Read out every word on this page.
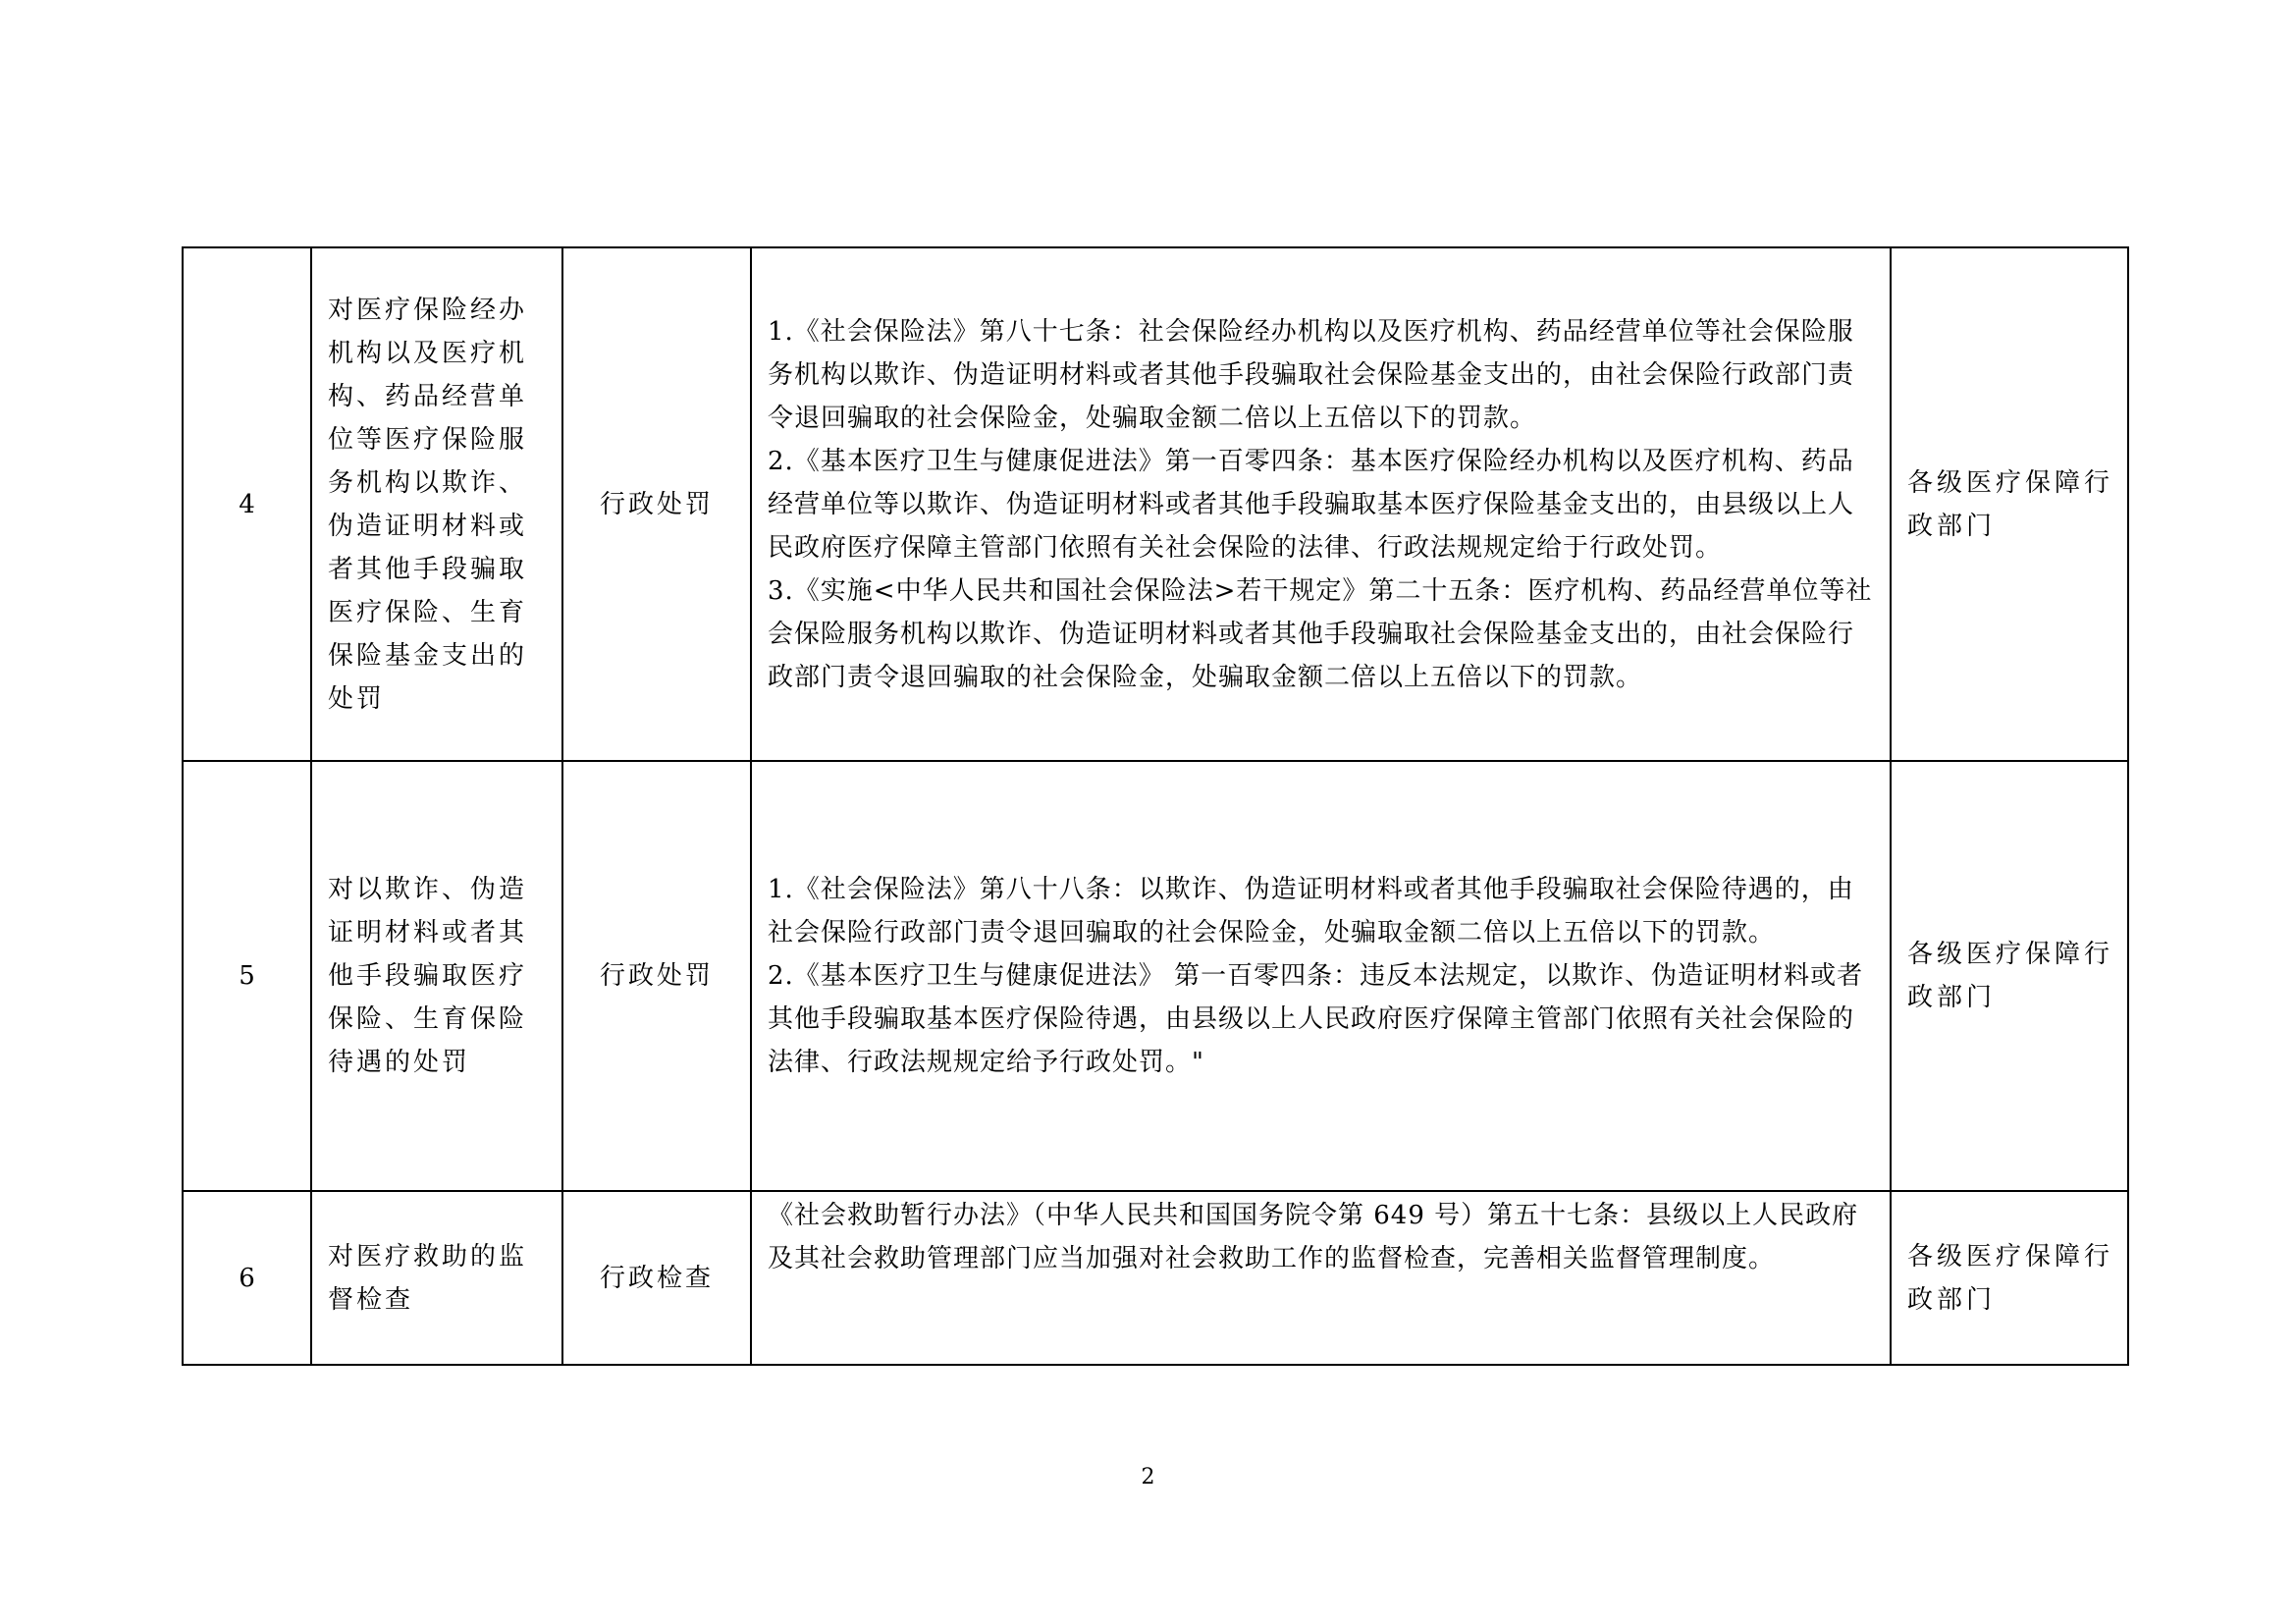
4	对医疗保险经办机构以及医疗机构、药品经营单位等医疗保险服务机构以欺诈、伪造证明材料或者其他手段骗取医疗保险、生育保险基金支出的处罚	行政处罚	1.《社会保险法》第八十七条：社会保险经办机构以及医疗机构、药品经营单位等社会保险服务机构以欺诈、伪造证明材料或者其他手段骗取社会保险基金支出的，由社会保险行政部门责令退回骗取的社会保险金，处骗取金额二倍以上五倍以下的罚款。
2.《基本医疗卫生与健康促进法》第一百零四条：基本医疗保险经办机构以及医疗机构、药品经营单位等以欺诈、伪造证明材料或者其他手段骗取基本医疗保险基金支出的，由县级以上人民政府医疗保障主管部门依照有关社会保险的法律、行政法规规定给于行政处罚。
3.《实施<中华人民共和国社会保险法>若干规定》第二十五条：医疗机构、药品经营单位等社会保险服务机构以欺诈、伪造证明材料或者其他手段骗取社会保险基金支出的，由社会保险行政部门责令退回骗取的社会保险金，处骗取金额二倍以上五倍以下的罚款。	各级医疗保障行政部门

5	对以欺诈、伪造证明材料或者其他手段骗取医疗保险、生育保险待遇的处罚	行政处罚	1.《社会保险法》第八十八条：以欺诈、伪造证明材料或者其他手段骗取社会保险待遇的，由社会保险行政部门责令退回骗取的社会保险金，处骗取金额二倍以上五倍以下的罚款。
2.《基本医疗卫生与健康促进法》 第一百零四条：违反本法规定，以欺诈、伪造证明材料或者其他手段骗取基本医疗保险待遇，由县级以上人民政府医疗保障主管部门依照有关社会保险的法律、行政法规规定给予行政处罚。"	各级医疗保障行政部门

6	对医疗救助的监督检查	行政检查	《社会救助暂行办法》（中华人民共和国国务院令第 649 号）第五十七条：县级以上人民政府及其社会救助管理部门应当加强对社会救助工作的监督检查，完善相关监督管理制度。	各级医疗保障行政部门
2
